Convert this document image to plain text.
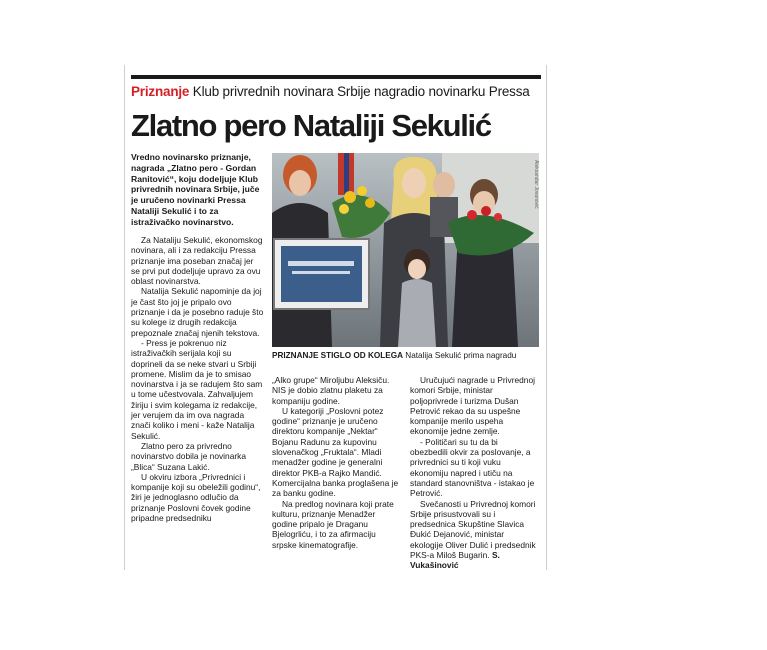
Priznanje Klub privrednih novinara Srbije nagradio novinarku Pressa
Zlatno pero Nataliji Sekulić
Vredno novinarsko priznanje, nagrada „Zlatno pero - Gordan Ranitović“, koju dodeljuje Klub privrednih novinara Srbije, juče je uručeno novinarki Pressa Nataliji Sekulić i to za istraživačko novinarstvo.

Za Nataliju Sekulić, ekonomskog novinara, ali i za redakciju Pressa priznanje ima poseban značaj jer se prvi put dodeljuje upravo za ovu oblast novinarstva.

Natalija Sekulić napominje da joj je čast što joj je pripalo ovo priznanje i da je posebno raduje što su kolege iz drugih redakcija prepoznale značaj njenih tekstova.

- Press je pokrenuo niz istraživačkih serijala koji su doprineli da se neke stvari u Srbiji promene. Mislim da je to smisao novinarstva i ja se radujem što sam u tome učestvovala. Zahvaljujem žiriju i svim kolegama iz redakcije, jer verujem da im ova nagrada znači koliko i meni - kaže Natalija Sekulić.

Zlatno pero za privredno novinarstvo dobila je novinarka „Blica“ Suzana Lakić.

U okviru izbora „Privrednici i kompanije koji su obeležili godinu“, žiri je jednoglasno odlučio da priznanje Poslovni čovek godine pripadne predsedniku

Aleksandar Jovanović
PRIZNANJE STIGLO OD KOLEGA Natalija Sekulić prima nagradu

„Alko grupe“ Miroljubu Aleksiču. NIS je dobio zlatnu plaketu za kompaniju godine.

U kategoriji „Poslovni potez godine“ priznanje je uručeno direktoru kompanije „Nektar“ Bojanu Radunu za kupovinu slovenačkog „Fruktala“. Mladi menadžer godine je generalni direktor PKB-a Rajko Mandić. Komercijalna banka proglašena je za banku godine.

Na predlog novinara koji prate kulturu, priznanje Menadžer godine pripalo je Draganu Bjelogrliću, i to za afirmaciju srpske kinematografije.

Uručujući nagrade u Privrednoj komori Srbije, ministar poljoprivrede i turizma Dušan Petrović rekao da su uspešne kompanije merilo uspeha ekonomije jedne zemlje.

- Političari su tu da bi obezbedili okvir za poslovanje, a privrednici su ti koji vuku ekonomiju napred i utiču na standard stanovništva - istakao je Petrović.

Svečanosti u Privrednoj komori Srbije prisustvovali su i predsednica Skupštine Slavica Đukić Dejanović, ministar ekologije Oliver Dulić i predsednik PKS-a Miloš Bugarin. S. Vukašinović
